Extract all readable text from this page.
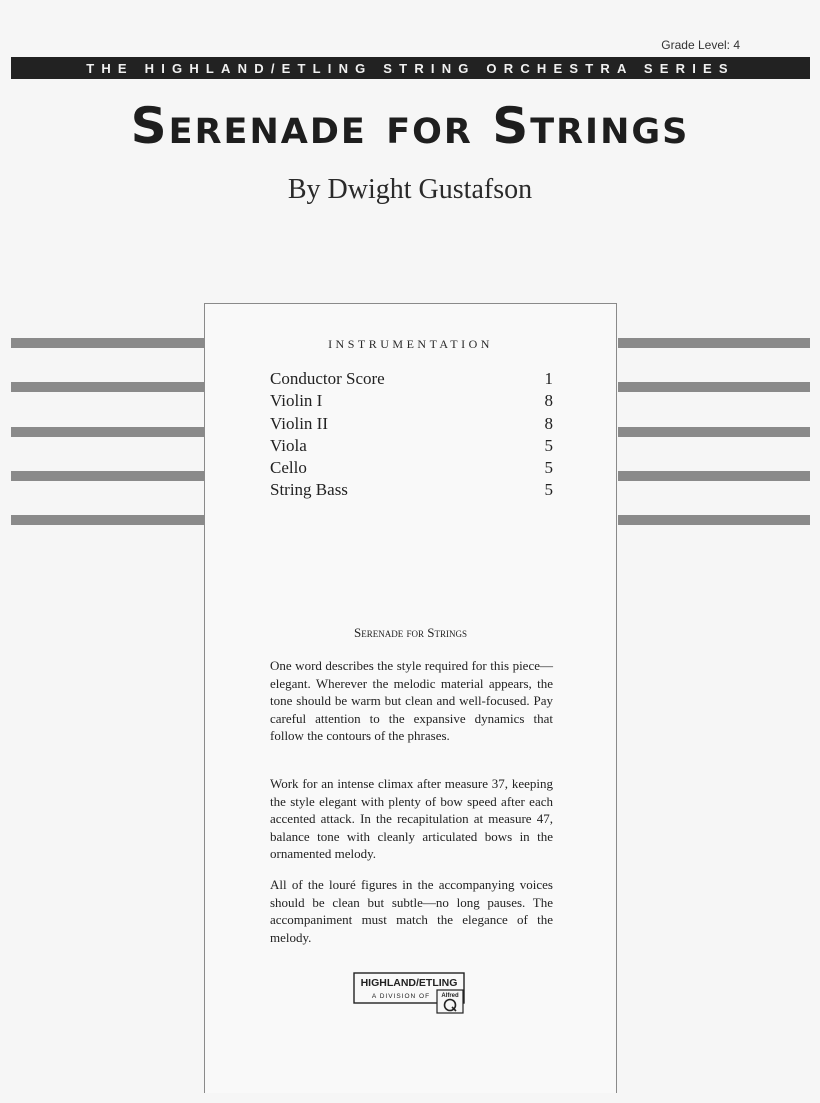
Grade Level: 4
THE HIGHLAND/ETLING STRING ORCHESTRA SERIES
Serenade for Strings
By Dwight Gustafson
INSTRUMENTATION
Conductor Score	1
Violin I	8
Violin II	8
Viola	5
Cello	5
String Bass	5
Serenade for Strings

One word describes the style required for this piece—elegant. Wherever the melodic material appears, the tone should be warm but clean and well-focused. Pay careful attention to the expansive dynamics that follow the contours of the phrases.

Work for an intense climax after measure 37, keeping the style elegant with plenty of bow speed after each accented attack. In the recapitulation at measure 47, balance tone with cleanly articulated bows in the ornamented melody.

All of the louré figures in the accompanying voices should be clean but subtle—no long pauses. The accompaniment must match the elegance of the melody.

HIGHLAND/ETLING
A DIVISION OF Alfred
